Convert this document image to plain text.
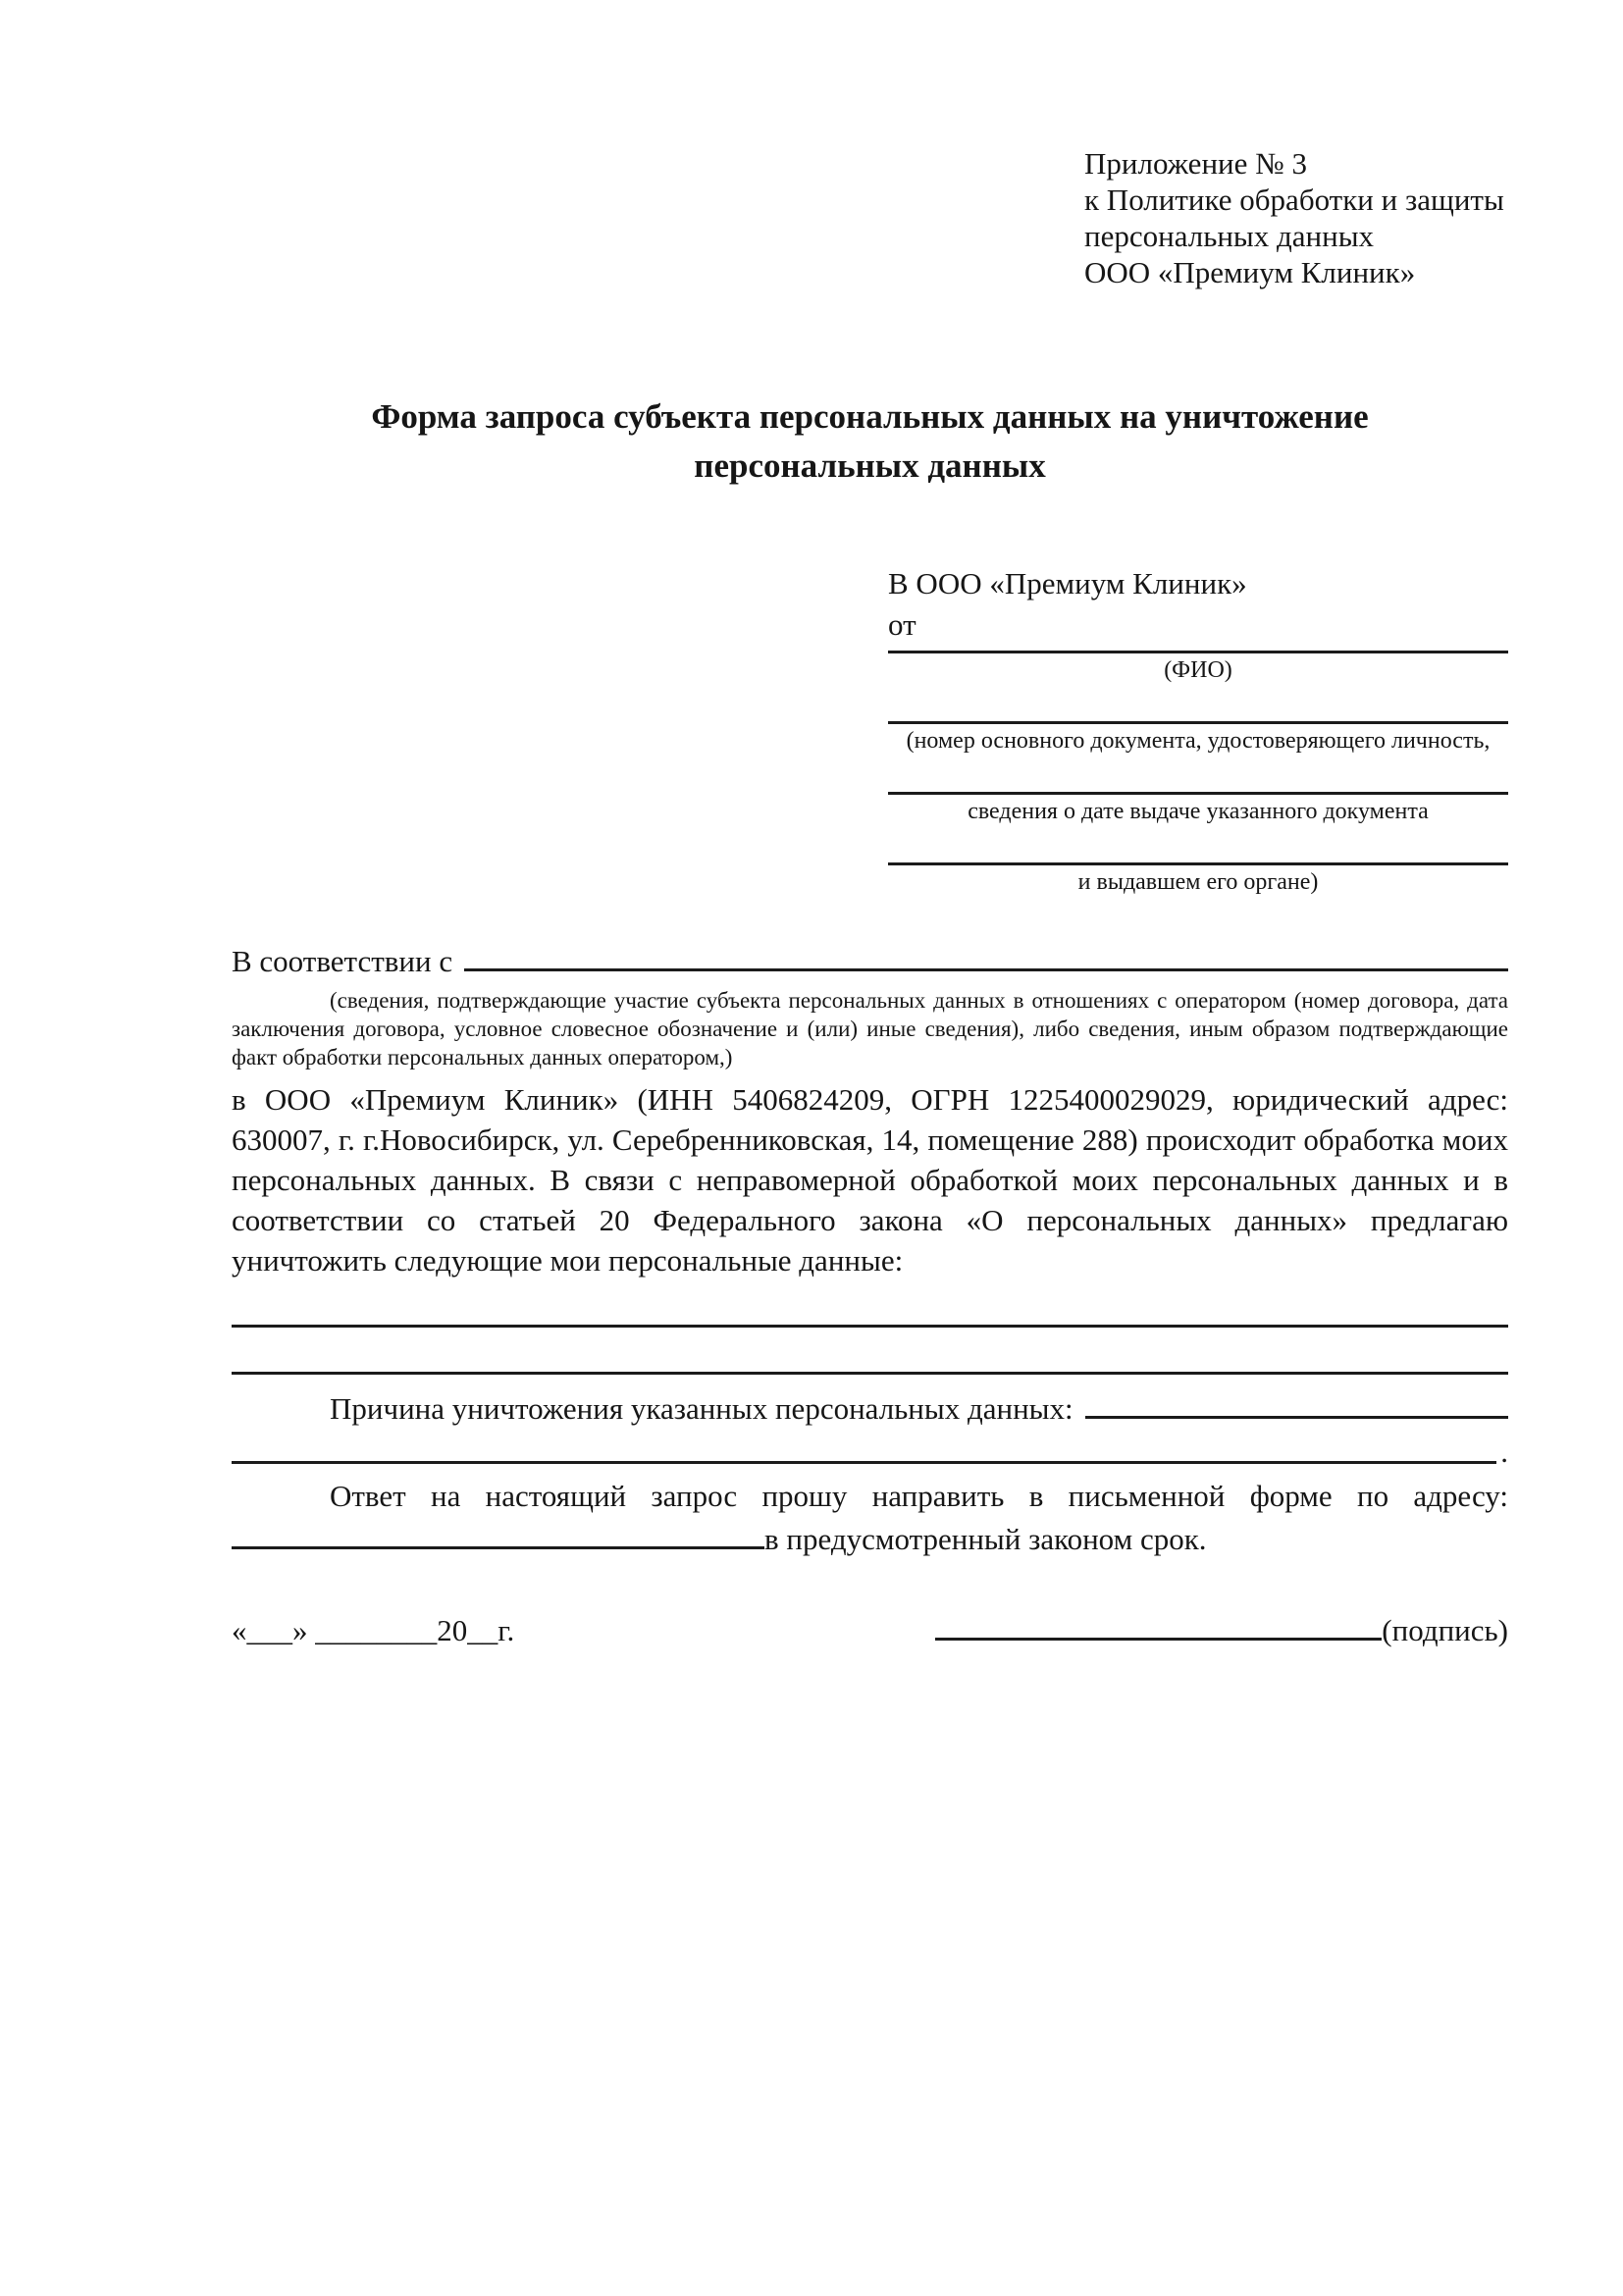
Приложение № 3
к Политике обработки и защиты
персональных данных
ООО «Премиум Клиник»
Форма запроса субъекта персональных данных на уничтожение
персональных данных
В ООО «Премиум Клиник»
от
(ФИО)
(номер основного документа, удостоверяющего личность,
сведения о дате выдаче указанного документа
и выдавшем его органе)
В соответствии с
(сведения, подтверждающие участие субъекта персональных данных в отношениях с оператором (номер договора, дата заключения договора, условное словесное обозначение и (или) иные сведения), либо сведения, иным образом подтверждающие факт обработки персональных данных оператором,)
в ООО «Премиум Клиник» (ИНН 5406824209, ОГРН 1225400029029, юридический адрес: 630007, г. г.Новосибирск, ул. Серебренниковская, 14, помещение 288) происходит обработка моих персональных данных. В связи с неправомерной обработкой моих персональных данных и в соответствии со статьей 20 Федерального закона «О персональных данных» предлагаю уничтожить следующие мои персональные данные:
Причина уничтожения указанных персональных данных:
.
Ответ на настоящий запрос прошу направить в письменной форме по адресу:
в предусмотренный законом срок.
«___» ________20__г.	(подпись)
